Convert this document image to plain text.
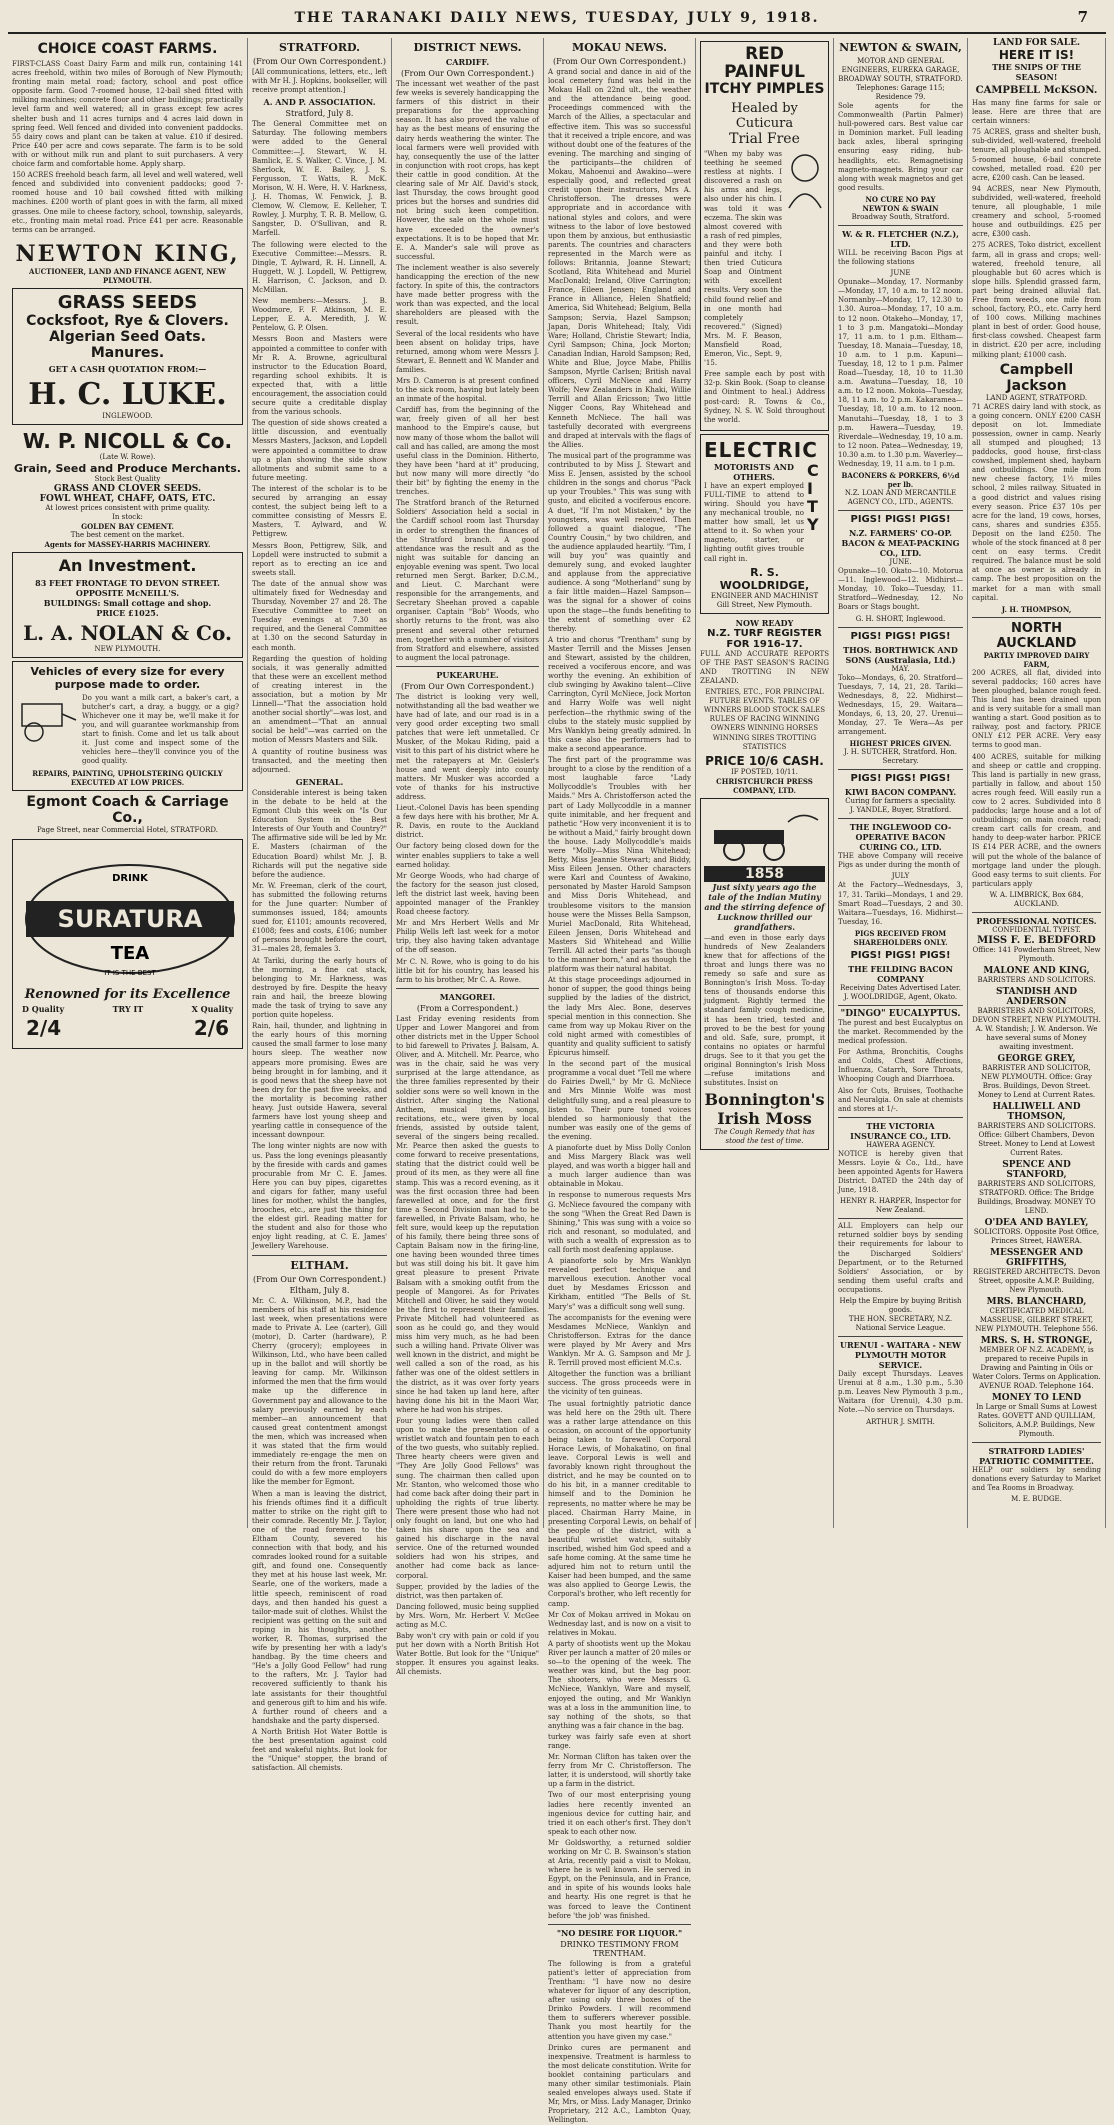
THE TARANAKI DAILY NEWS, TUESDAY, JULY 9, 1918.	7
CHOICE COAST FARMS.

FIRST-CLASS Coast Dairy Farm and milk run, containing 141 acres freehold, within two miles of Borough of New Plymouth; fronting main metal road; factory, school and post office opposite farm. Good 7-roomed house, 12-bail shed fitted with milking machines; concrete floor and other buildings; practically level farm and well watered; all in grass except few acres shelter bush and 11 acres turnips and 4 acres laid down in spring feed. Well fenced and divided into convenient paddocks. 55 dairy cows and plant can be taken at value. £10 if desired. Price £40 per acre and cows separate. The farm is to be sold with or without milk run and plant to suit purchasers. A very choice farm and comfortable home. Apply sharp.

150 ACRES freehold beach farm, all level and well watered, well fenced and subdivided into convenient paddocks; good 7-roomed house and 10 bail cowshed fitted with milking machines. £200 worth of plant goes in with the farm, all mixed grasses. One mile to cheese factory, school, township, saleyards, etc., fronting main metal road. Price £41 per acre. Reasonable terms can be arranged.

NEWTON KING,
AUCTIONEER, LAND AND FINANCE AGENT, NEW PLYMOUTH.
GRASS SEEDS
Cocksfoot, Rye & Clovers.
Algerian Seed Oats.
Manures.
GET A CASH QUOTATION FROM:—
H. C. LUKE.
INGLEWOOD.
W. P. NICOLL & Co.
(Late W. Rowe).
Grain, Seed and Produce Merchants.
Stock Best Quality
GRASS AND CLOVER SEEDS.
FOWL WHEAT, CHAFF, OATS, ETC.
At lowest prices consistent with prime quality.
In stock:
GOLDEN BAY CEMENT.
The best cement on the market.
Agents for MASSEY-HARRIS MACHINERY.
An Investment.
83 FEET FRONTAGE TO DEVON STREET.
OPPOSITE McNEILL'S.
BUILDINGS: Small cottage and shop.
PRICE £1025.
L. A. NOLAN & Co.
NEW PLYMOUTH.
Vehicles of every size for every
purpose made to order.

Do you want a milk cart, a baker's cart, a butcher's cart, a dray, a buggy, or a gig? Whichever one it may be, we'll make it for you, and will guarantee workmanship from start to finish. Come and let us talk about it. Just come and inspect some of the vehicles here—they'll convince you of the good quality.

REPAIRS, PAINTING, UPHOLSTERING QUICKLY EXECUTED AT LOW PRICES.
Egmont Coach & Carriage Co.,
Page Street, near Commercial Hotel, STRATFORD.
DRINK
SURATURA
TEA
IT IS THE BEST
Renowned for its Excellence
D Quality	TRY IT	X Quality
2/4	2/6
STRATFORD.
(From Our Own Correspondent.)

[All communications, letters, etc., left with Mr H. J. Hopkins, bookseller, will receive prompt attention.]

A. AND P. ASSOCIATION.
Stratford, July 8.

The General Committee met on Saturday. The following members were added to the General Committee:—J. Stewart, W. H. Bamlick, E. S. Walker, C. Vince, J. M. Sherlock, W. E. Bailey, J. S. Fergusson, T. Watts, R. McK. Morison, W. H. Were, H. V. Harkness, J. H. Thomas, W. Fenwick, J. B. Clemow, W. Clemow, E. Kelleher, T. Rowley, J. Murphy, T. R. B. Mellow, G. Sangster, D. O'Sullivan, and R. Marfell.

The following were elected to the Executive Committee:—Messrs. R. Dingle, T. Aylward, R. H. Linnell, A. Huggett, W. J. Lopdell, W. Pettigrew, H. Harrison, C. Jackson, and D. McMillan.

New members:—Messrs. J. B. Woodmore, F. F. Atkinson, M. E. Lepper, E. A. Meredith, J. W. Pentelow, G. P. Olsen.

Messrs Boon and Masters were appointed a committee to confer with Mr R. A. Browne, agricultural instructor to the Education Board, regarding school exhibits. It is expected that, with a little encouragement, the association could secure quite a creditable display from the various schools.

The question of side shows created a little discussion, and eventually Messrs Masters, Jackson, and Lopdell were appointed a committee to draw up a plan showing the side show allotments and submit same to a future meeting.

The interest of the scholar is to be secured by arranging an essay contest, the subject being left to a committee consisting of Messrs E. Masters, T. Aylward, and W. Pettigrew.

Messrs Boon, Pettigrew, Silk, and Lopdell were instructed to submit a report as to erecting an ice and sweets stall.

The date of the annual show was ultimately fixed for Wednesday and Thursday, November 27 and 28. The Executive Committee to meet on Tuesday evenings at 7.30 as required, and the General Committee at 1.30 on the second Saturday in each month.

Regarding the question of holding socials, it was generally admitted that these were an excellent method of creating interest in the association, but a motion by Mr Linnell—"That the association hold another social shortly"—was lost, and an amendment—"That an annual social be held"—was carried on the motion of Messrs Masters and Silk.

A quantity of routine business was transacted, and the meeting then adjourned.

GENERAL.

Considerable interest is being taken in the debate to be held at the Egmont Club this week on "Is Our Education System in the Best Interests of Our Youth and Country?" The affirmative side will be led by Mr. E. Masters (chairman of the Education Board) whilst Mr. J. B. Richards will put the negative side before the audience.

Mr. W. Freeman, clerk of the court, has submitted the following returns for the June quarter: Number of summonses issued, 184; amounts sued for, £1101; amounts recovered, £1008; fees and costs, £106; number of persons brought before the court, 31—males 28, females 3.

At Tariki, during the early hours of the morning, a fine cat stack, belonging to Mr. Harkness, was destroyed by fire. Despite the heavy rain and hail, the breeze blowing made the task of trying to save any portion quite hopeless.

Rain, hail, thunder, and lightning in the early hours of this morning caused the small farmer to lose many hours sleep. The weather now appears more promising. Ewes are being brought in for lambing, and it is good news that the sheep have not been dry for the past five weeks, and the mortality is becoming rather heavy. Just outside Hawera, several farmers have lost young sheep and yearling cattle in consequence of the incessant downpour.

The long winter nights are now with us. Pass the long evenings pleasantly by the fireside with cards and games procurable from Mr C. E. James. Here you can buy pipes, cigarettes and cigars for father, many useful lines for mother, whilst the bangles, brooches, etc., are just the thing for the eldest girl. Reading matter for the student and also for those who enjoy light reading, at C. E. James' Jewellery Warehouse.

ELTHAM.
(From Our Own Correspondent.)
Eltham, July 8.

Mr. C. A. Wilkinson, M.P., had the members of his staff at his residence last week, when presentations were made to Private A. Lee (carter), Gill (motor), D. Carter (hardware), P. Cherry (grocery); employees in Wilkinson, Ltd., who have been called up in the ballot and will shortly be leaving for camp. Mr. Wilkinson informed the men that the firm would make up the difference in Government pay and allowance to the salary previously earned by each member—an announcement that caused great contentment amongst the men, which was increased when it was stated that the firm would immediately re-engage the men on their return from the front. Tarunaki could do with a few more employers like the member for Egmont.

When a man is leaving the district, his friends oftimes find it a difficult matter to strike on the right gift to their comrade. Recently Mr. J. Taylor, one of the road foremen to the Eltham County, severed his connection with that body, and his comrades looked round for a suitable gift, and found one. Consequently they met at his house last week, Mr. Searle, one of the workers, made a little speech, reminiscent of road days, and then handed his guest a tailor-made suit of clothes. Whilst the recipient was getting on the suit and roping in his thoughts, another worker, R. Thomas, surprised the wife by presenting her with a lady's handbag. By the time cheers and "He's a Jolly Good Fellow" had rung to the rafters, Mr. J. Taylor had recovered sufficiently to thank his late assistants for their thoughtful and generous gift to him and his wife. A further round of cheers and a handshake and the party dispersed.

A North British Hot Water Bottle is the best presentation against cold feet and wakeful nights. But look for the "Unique" stopper, the brand of satisfaction. All chemists.

DISTRICT NEWS.
CARDIFF.
(From Our Own Correspondent.)

The incessant wet weather of the past few weeks is severely handicapping the farmers of this district in their preparations for the approaching season. It has also proved the value of hay as the best means of ensuring the dairy herds weathering the winter. The local farmers were well provided with hay, consequently the use of the latter in conjunction with root crops, has kept their cattle in good condition. At the clearing sale of Mr Alf. David's stock, last Thursday, the cows brought good prices but the horses and sundries did not bring such keen competition. However, the sale on the whole must have exceeded the owner's expectations. It is to be hoped that Mr. E. A. Mander's sale will prove as successful.

The inclement weather is also severely handicapping the erection of the new factory. In spite of this, the contractors have made better progress with the work than was expected, and the local shareholders are pleased with the result.

Several of the local residents who have been absent on holiday trips, have returned, among whom were Messrs J. Stewart, E. Bennett and W. Mander and families.

Mrs D. Cameron is at present confined to the sick room, having but lately been an inmate of the hospital.

Cardiff has, from the beginning of the war, freely given of all her best manhood to the Empire's cause, but now many of those whom the ballot will call and has called, are among the most useful class in the Dominion. Hitherto, they have been "hard at it" producing, but now many will more directly "do their bit" by fighting the enemy in the trenches.

The Stratford branch of the Returned Soldiers' Association held a social in the Cardiff school room last Thursday in order to strengthen the finances of the Stratford branch. A good attendance was the result and as the night was suitable for dancing an enjoyable evening was spent. Two local returned men Sergt. Barker, D.C.M., and Lieut. C. Marchant were responsible for the arrangements, and Secretary Sheehan proved a capable organiser. Captain "Bob" Woods, who shortly returns to the front, was also present and several other returned men, together with a number of visitors from Stratford and elsewhere, assisted to augment the local patronage.

PUKEARUHE.
(From Our Own Correspondent.)

The district is looking very well, notwithstanding all the bad weather we have had of late, and our road is in a very good order excepting two small patches that were left unmetalled. Cr Musker, of the Mokau Riding, paid a visit to this part of his district where he met the ratepayers at Mr. Geisler's house and went deeply into county matters. Mr Musker was accorded a vote of thanks for his instructive address.

Lieut.-Colonel Davis has been spending a few days here with his brother, Mr A. R. Davis, en route to the Auckland district.

Our factory being closed down for the winter enables suppliers to take a well earned holiday.

Mr George Woods, who had charge of the factory for the season just closed, left the district last week, having been appointed manager of the Frankley Road cheese factory.

Mr and Mrs Herbert Wells and Mr Philip Wells left last week for a motor trip, they also having taken advantage of the off season.

Mr C. N. Rowe, who is going to do his little bit for his country, has leased his farm to his brother, Mr C. A. Rowe.

MANGOREI.
(From a Correspondent.)

Last Friday evening residents from Upper and Lower Mangorei and from other districts met in the Upper School to bid farewell to Privates J. Balsam, A. Oliver, and A. Mitchell. Mr. Pearce, who was in the chair, said he was very surprised at the large attendance, as the three families represented by their soldier sons were so well known in the district. After singing the National Anthem, musical items, songs, recitations, etc., were given by local friends, assisted by outside talent, several of the singers being recalled. Mr. Pearce then asked the guests to come forward to receive presentations, stating that the district could well be proud of its men, as they were all fine stamp. This was a record evening, as it was the first occasion three had been farewelled at once, and for the first time a Second Division man had to be farewelled, in Private Balsam, who, he felt sure, would keep up the reputation of his family, there being three sons of Captain Balsam now in the firing-line, one having been wounded three times but was still doing his bit. It gave him great pleasure to present Private Balsam with a smoking outfit from the people of Mangorei. As for Privates Mitchell and Oliver, he said they would be the first to represent their families. Private Mitchell had volunteered as soon as he could go, and they would miss him very much, as he had been such a willing hand. Private Oliver was well known in the district, and might be well called a son of the road, as his father was one of the oldest settlers in the district, as it was over forty years since he had taken up land here, after having done his bit in the Maori War, where he had won his stripes.

Four young ladies were then called upon to make the presentation of a wristlet watch and fountain pen to each of the two guests, who suitably replied. Three hearty cheers were given and "They Are Jolly Good Fellows" was sung. The chairman then called upon Mr. Stanton, who welcomed those who had come back after doing their part in upholding the rights of true liberty. There were present those who had not only fought on land, but one who had taken his share upon the sea and gained his discharge in the naval service. One of the returned wounded soldiers had won his stripes, and another had come back as lance-corporal.

Supper, provided by the ladies of the district, was then partaken of.

Dancing followed, music being supplied by Mrs. Worn, Mr. Herbert V. McGee acting as M.C.

Baby won't cry with pain or cold if you put her down with a North British Hot Water Bottle. But look for the "Unique" stopper. It ensures you against leaks. All chemists.

MOKAU NEWS.
(From Our Own Correspondent.)

A grand social and dance in aid of the local cemetery fund was held in the Mokau Hall on 22nd ult., the weather and the attendance being good. Proceedings commenced with the March of the Allies, a spectacular and effective item. This was so successful that it received a triple encore, and was without doubt one of the features of the evening. The marching and singing of the participants—the children of Mokau, Mahoenui and Awakino—were especially good, and reflected great credit upon their instructors, Mrs A. Christofferson. The dresses were appropriate and in accordance with national styles and colors, and were witness to the labor of love bestowed upon them by anxious, but enthusiastic parents. The countries and characters represented in the March were as follows: Britannia, Joanne Stewart; Scotland, Rita Whitehead and Muriel MacDonald; Ireland, Olive Carrington; France, Eileen Jensen; England and France in Alliance, Helen Shatfield; America, Sid Whitehead; Belgium, Bella Sampson; Servia, Hazel Sampson; Japan, Doris Whitehead; Italy, Vidi Ware; Holland, Christie Stewart; India, Cyril Sampson; China, Jock Morton; Canadian Indian, Harold Sampson; Red, White and Blue, Joyce Mabe, Phillis Sampson, Myrtle Carlsen; British naval officers, Cyril McNiece and Harry Wolfe; New Zealanders in Khaki, Willie Terrill and Allan Ericsson; Two little Nigger Coons, Ray Whitehead and Kenneth McNiece. The hall was tastefully decorated with evergreens and draped at intervals with the flags of the Allies.

The musical part of the programme was contributed to by Miss J. Stewart and Miss E. Jensen, assisted by the school children in the songs and chorus "Pack up your Troubles." This was sung with gusto, and elicited a vociferous encore. A duet, "If I'm not Mistaken," by the youngsters, was well received. Then followed a quaint dialogue, "The Country Cousin," by two children, and the audience applauded heartily. "Tim, I will buy you" was quaintly and demurely sung, and evoked laughter and applause from the appreciative audience. A song "Motherland" sung by a fair little maiden—Hazel Sampson—was the signal for a shower of coins upon the stage—the funds benefiting to the extent of something over £2 thereby.

A trio and chorus "Trentham" sung by Master Terrill and the Misses Jensen and Stewart, assisted by the children, received a vociferous encore, and was worthy the evening. An exhibition of club swinging by Awakino talent—Clive Carrington, Cyril McNiece, Jock Morton and Harry Wolfe was well night perfection—the rhythmic swing of the clubs to the stately music supplied by Mrs Wanklyn being greatly admired. In this case also the performers had to make a second appearance.

The first part of the programme was brought to a close by the rendition of a most laughable farce "Lady Mollycoddle's Troubles with her Maids." Mrs A. Christofferson acted the part of Lady Mollycoddle in a manner quite inimitable, and her frequent and pathetic "How very inconvenient it is to be without a Maid," fairly brought down the house. Lady Mollycoddle's maids were "Molly—Miss Nina Whitehead; Betty, Miss Jeannie Stewart; and Biddy, Miss Eileen Jensen. Other characters were Karl and Countess of Awakino, personated by Master Harold Sampson and Miss Doris Whitehead, and troublesome visitors to the mansion house were the Misses Bella Sampson, Muriel MacDonald, Rita Whitehead, Eileen Jensen, Doris Whitehead and Masters Sid Whitehead and Willie Terrill. All acted their parts "as though to the manner born," and as though the platform was their natural habitat.

At this stage proceedings adjourned in honor of supper, the good things being supplied by the ladies of the district, the lady Mrs Alec. Bone, deserves special mention in this connection. She came from way up Mokau River on the cold night armed with comestibles of quantity and quality sufficient to satisfy Epicurus himself.

In the second part of the musical programme a vocal duet "Tell me where do Fairies Dwell," by Mr G. McNiece and Mrs Minnie Wolfe was most delightfully sung, and a real pleasure to listen to. Their pure toned voices blended so harmoniously that the number was easily one of the gems of the evening.

A pianoforte duet by Miss Dolly Conlon and Miss Margery Black was well played, and was worth a bigger hall and a much larger audience than was obtainable in Mokau.

In response to numerous requests Mrs G. McNiece favoured the company with the song "When the Great Red Dawn is Shining," This was sung with a voice so rich and resonant, so modulated, and with such a wealth of expression as to call forth most deafening applause.

A pianoforte solo by Mrs Wanklyn revealed perfect technique and marvellous execution. Another vocal duet by Mesdames Ericsson and Kirkham, entitled "The Bells of St. Mary's" was a difficult song well sung.

The accompanists for the evening were Mesdames McNiece, Wanklyn and Christofferson. Extras for the dance were played by Mr Avery and Mrs Wanklyn. Mr A. G. Sampson and Mr J. R. Terrill proved most efficient M.C.s.

Altogether the function was a brilliant success. The gross proceeds were in the vicinity of ten guineas.

The usual fortnightly patriotic dance was held here on the 29th ult. There was a rather large attendance on this occasion, on account of the opportunity being taken to farewell Corporal Horace Lewis, of Mohakatino, on final leave. Corporal Lewis is well and favorably known right throughout the district, and he may be counted on to do his bit, in a manner creditable to himself and to the Dominion he represents, no matter where he may be placed. Chairman Harry Maine, in presenting Corporal Lewis, on behalf of the people of the district, with a beautiful wristlet watch, suitably inscribed, wished him God speed and a safe home coming. At the same time he adjured him not to return until the Kaiser had been bumped, and the same was also applied to George Lewis, the Corporal's brother, who left recently for camp.

Mr Cox of Mokau arrived in Mokau on Wednesday last, and is now on a visit to relatives in Mokau.

A party of shootists went up the Mokau River per launch a matter of 20 miles or so—to the opening of the week. The weather was kind, but the bag poor. The shooters, who were Messrs G. McNiece, Wanklyn, Ware and myself, enjoyed the outing, and Mr Wanklyn was at a loss in the ammunition line, to say nothing of the shots, so that anything was a fair chance in the bag.

turkey was fairly safe even at short range.

Mr. Norman Clifton has taken over the ferry from Mr C. Christofferson. The latter, it is understood, will shortly take up a farm in the district.

Two of our most enterprising young ladies here recently invented an ingenious device for cutting hair, and tried it on each other's first. They don't speak to each other now.

Mr Goldsworthy, a returned soldier working on Mr C. B. Swainson's station at Aria, recently paid a visit to Mokau, where he is well known. He served in Egypt, on the Peninsula, and in France, and in spite of his wounds looks hale and hearty. His one regret is that he was forced to leave the Continent before 'the job' was finished.

"NO DESIRE FOR LIQUOR."
DRINKO TESTIMONY FROM TRENTHAM.

The following is from a grateful patient's letter of appreciation from Trentham: "I have now no desire whatever for liquor of any description, after using only three boxes of the Drinko Powders. I will recommend them to sufferers wherever possible. Thank you most heartily for the attention you have given my case."

Drinko cures are permanent and inexpensive. Treatment is harmless to the most delicate constitution. Write for booklet containing particulars and many other similar testimonials. Plain sealed envelopes always used. State if Mr, Mrs, or Miss. Lady Manager, Drinko Proprietary, 212 A.C., Lambton Quay, Wellington.

RED PAINFUL
ITCHY PIMPLES
Healed by Cuticura
Trial Free

"When my baby was teething he seemed restless at nights. I discovered a rash on his arms and legs, also under his chin. I was told it was eczema. The skin was almost covered with a rash of red pimples, and they were both painful and itchy. I then tried Cuticura Soap and Ointment with excellent results. Very soon the child found relief and in one month had completely recovered." (Signed) Mrs. M. F. Beason, Mansfield Road, Emeron, Vic., Sept. 9, '15.

Free sample each by post with 32-p. Skin Book. (Soap to cleanse and Ointment to heal.) Address post-card: R. Towns & Co., Sydney, N. S. W. Sold throughout the world.

ELECTRIC
MOTORISTS AND OTHERS.

I have an expert employed FULL-TIME to attend to wiring. Should you have any mechanical trouble, no matter how small, let us attend to it. So when your magneto, starter, or lighting outfit gives trouble call right in.

CITY
R. S. WOOLDRIDGE,
ENGINEER AND MACHINIST
Gill Street, New Plymouth.
NOW READY
N.Z. TURF REGISTER FOR 1916-17.

FULL AND ACCURATE REPORTS OF THE PAST SEASON'S RACING AND TROTTING IN NEW ZEALAND.

ENTRIES, ETC., FOR PRINCIPAL FUTURE EVENTS. TABLES OF WINNERS BLOOD STOCK SALES RULES OF RACING WINNING OWNERS WINNING HORSES WINNING SIRES TROTTING STATISTICS

PRICE 10/6 CASH.
IF POSTED, 10/11.
CHRISTCHURCH PRESS COMPANY, LTD.
1858

Just sixty years ago the tale of the Indian Mutiny and the stirring defence of Lucknow thrilled our grandfathers.

—and even in those early days hundreds of New Zealanders knew that for affections of the throat and lungs there was no remedy so safe and sure as Bonnington's Irish Moss. To-day tens of thousands endorse this judgment. Rightly termed the standard family cough medicine, it has been tried, tested and proved to be the best for young and old. Safe, sure, prompt, it contains no opiates or harmful drugs. See to it that you get the original Bonnington's Irish Moss—refuse imitations and substitutes. Insist on

Bonnington's Irish Moss
The Cough Remedy that has stood the test of time.
NEWTON & SWAIN,
MOTOR AND GENERAL ENGINEERS, EUREKA GARAGE, BROADWAY SOUTH, STRATFORD.
Telephones: Garage 115; Residence 79.

Sole agents for the Commonwealth (Partin Palmer) hull-powered cars. Best value car in Dominion market. Full leading back axles, liberal springing ensuring easy riding, hub-headlights, etc. Remagnetising magneto-magnets. Bring your car along with weak magnetos and get good results.

NO CURE NO PAY
NEWTON & SWAIN
Broadway South, Stratford.
W. & R. FLETCHER (N.Z.), LTD.

WILL be receiving Bacon Pigs at the following stations

JUNE

Opunake—Monday, 17. Normanby—Monday, 17, 10 a.m. to 12 noon. Normanby—Monday, 17, 12.30 to 1.30. Auroa—Monday, 17, 10 a.m. to 12 noon. Otakeho—Monday, 17, 1 to 3 p.m. Mangatoki—Monday 17, 11 a.m. to 1 p.m. Eltham—Tuesday, 18. Manaia—Tuesday, 18, 10 a.m. to 1 p.m. Kapuni—Tuesday, 18, 12 to 1 p.m. Palmer Road—Tuesday, 18, 10 to 11.30 a.m. Awatuna—Tuesday, 18, 10 a.m. to 12 noon. Mokoia—Tuesday, 18, 11 a.m. to 2 p.m. Kakaramea—Tuesday, 18, 10 a.m. to 12 noon. Manutahi—Tuesday, 18, 1 to 3 p.m. Hawera—Tuesday, 19. Riverdale—Wednesday, 19, 10 a.m. to 12 noon. Patea—Wednesday, 19, 10.30 a.m. to 1.30 p.m. Waverley—Wednesday, 19, 11 a.m. to 1 p.m.

BACONERS & PORKERS, 6½d per lb.
N.Z. LOAN AND MERCANTILE AGENCY CO., LTD., AGENTS.
PIGS! PIGS! PIGS!
N.Z. FARMERS' CO-OP. BACON & MEAT-PACKING CO., LTD.
JUNE.

Opunake—10. Okato—10. Motorua—11. Inglewood—12. Midhirst—Monday, 10. Toko—Tuesday, 11. Stratford—Wednesday, 12. No Boars or Stags bought.

G. H. SHORT, Inglewood.
PIGS! PIGS! PIGS!
THOS. BORTHWICK AND SONS (Australasia, Ltd.)
MAY.

Toko—Mondays, 6, 20. Stratford—Tuesdays, 7, 14, 21, 28. Tariki—Wednesdays, 8, 22. Midhirst—Wednesdays, 15, 29. Waitara—Mondays, 6, 13, 20, 27. Urenui—Monday, 27. Te Wera—As per arrangement.

HIGHEST PRICES GIVEN.
J. H. SUTCHER, Stratford. Hon. Secretary.
PIGS! PIGS! PIGS!
KIWI BACON COMPANY.
Curing for farmers a speciality.
J. YANDLE, Buyer, Stratford.
THE INGLEWOOD CO-OPERATIVE BACON CURING CO., LTD.

THE above Company will receive Pigs as under during the month of

JULY

At the Factory—Wednesdays, 3, 17, 31. Tariki—Mondays, 1 and 29. Smart Road—Tuesdays, 2 and 30. Waitara—Tuesdays, 16. Midhirst—Tuesday, 16.

PIGS RECEIVED FROM SHAREHOLDERS ONLY.
PIGS! PIGS! PIGS!
THE FEILDING BACON COMPANY
Receiving Dates Advertised Later.
J. WOOLDRIDGE, Agent, Okato.
"DINGO" EUCALYPTUS.

The purest and best Eucalyptus on the market. Recommended by the medical profession.

For Asthma, Bronchitis, Coughs and Colds, Chest Affections, Influenza, Catarrh, Sore Throats, Whooping Cough and Diarrhoea.

Also for Cuts, Bruises, Toothache and Neuralgia. On sale at chemists and stores at 1/-.

THE VICTORIA INSURANCE CO., LTD.
HAWERA AGENCY.

NOTICE is hereby given that Messrs. Loyie & Co., Ltd., have been appointed Agents for Hawera District. DATED the 24th day of June, 1918.

HENRY R. HARPER, Inspector for New Zealand.

ALL Employers can help our returned soldier boys by sending their requirements for labour to the Discharged Soldiers' Department, or to the Returned Soldiers' Association, or by sending them useful crafts and occupations.

Help the Empire by buying British goods.
THE HON. SECRETARY, N.Z. National Service League.
URENUI - WAITARA - NEW PLYMOUTH MOTOR SERVICE.

Daily except Thursdays. Leaves Urenui at 8 a.m., 1.30 p.m., 5.30 p.m. Leaves New Plymouth 3 p.m., Waitara (for Urenui), 4.30 p.m. Note.—No service on Thursdays.

ARTHUR J. SMITH.
LAND FOR SALE.
HERE IT IS!
THE SNIPS OF THE SEASON!
CAMPBELL McKSON.

Has many fine farms for sale or lease. Here are three that are certain winners:

75 ACRES, grass and shelter bush, sub-divided, well-watered, freehold tenure, all ploughable and stumped. 5-roomed house, 6-bail concrete cowshed, metalled road. £20 per acre, £200 cash. Can be leased.

94 ACRES, near New Plymouth, subdivided, well-watered, freehold tenure, all ploughable, 1 mile creamery and school, 5-roomed house and outbuildings. £25 per acre, £300 cash.

275 ACRES, Toko district, excellent farm, all in grass and crops; well-watered, freehold tenure, all ploughable but 60 acres which is slope hills. Splendid grassed farm, part being drained alluvial flat. Free from weeds, one mile from school, factory, P.O., etc. Carry herd of 100 cows. Milking machines plant in best of order. Good house, first-class cowshed. Cheapest farm in district. £20 per acre, including milking plant; £1000 cash.

Campbell Jackson
LAND AGENT, STRATFORD.

71 ACRES dairy land with stock, as a going concern. ONLY £200 CASH deposit on lot. Immediate possession, owner in camp. Nearly all stumped and ploughed; 13 paddocks, good house, first-class cowshed, implement shed, haybarn and outbuildings. One mile from new cheese factory, 1½ miles school, 2 miles railway. Situated in a good district and values rising every season. Price £37 10s per acre for the land, 19 cows, horses, cans, shares and sundries £355. Deposit on the land £250. The whole of the stock financed at 8 per cent on easy terms. Credit required. The balance must be sold at once as owner is already in camp. The best proposition on the market for a man with small capital.

J. H. THOMPSON,
NORTH AUCKLAND
PARTLY IMPROVED DAIRY FARM,

200 ACRES, all flat, divided into several paddocks; 160 acres have been ploughed, balance rough feed. This land has been drained upon and is very suitable for a small man wanting a start. Good position as to railway, post and factory. PRICE ONLY £12 PER ACRE. Very easy terms to good man.

400 ACRES, suitable for milking and sheep or cattle and cropping. This land is partially in new grass, partially in fallow, and about 150 acres rough feed. Will easily run a cow to 2 acres. Subdivided into 8 paddocks; large house and a lot of outbuildings; on main coach road; cream cart calls for cream, and handy to deep-water harbor. PRICE IS £14 PER ACRE, and the owners will put the whole of the balance of mortgage land under the plough. Good easy terms to suit clients. For particulars apply

W. A. LIMBRICK, Box 684, AUCKLAND.
PROFESSIONAL NOTICES.
CONFIDENTIAL TYPIST.
MISS F. E. BEDFORD
Office: 141 Powderham Street, New Plymouth.
MALONE AND KING,
BARRISTERS AND SOLICITORS.
STANDISH AND ANDERSON
BARRISTERS AND SOLICITORS, DEVON STREET, NEW PLYMOUTH. A. W. Standish; J. W. Anderson. We have several sums of Money awaiting investment.
GEORGE GREY,
BARRISTER AND SOLICITOR, NEW PLYMOUTH. Office: Gray Bros. Buildings, Devon Street. Money to Lend at Current Rates.
HALLIWELL AND THOMSON,
BARRISTERS AND SOLICITORS. Office: Gilbert Chambers, Devon Street. Money to Lend at Lowest Current Rates.
SPENCE AND STANFORD,
BARRISTERS AND SOLICITORS, STRATFORD. Office: The Bridge Buildings, Broadway. MONEY TO LEND.
O'DEA AND BAYLEY,
SOLICITORS. Opposite Post Office, Princes Street, HAWERA.
MESSENGER AND GRIFFITHS,
REGISTERED ARCHITECTS. Devon Street, opposite A.M.P. Building, New Plymouth.
MRS. BLANCHARD,
CERTIFICATED MEDICAL MASSEUSE, GILBERT STREET, NEW PLYMOUTH. Telephone 556.
MRS. S. H. STRONGE,
MEMBER OF N.Z. ACADEMY, is prepared to receive Pupils in Drawing and Painting in Oils or Water Colors. Terms on Application. AVENUE ROAD. Telephone 164.
MONEY TO LEND
In Large or Small Sums at Lowest Rates. GOVETT AND QUILLIAM, Solicitors, A.M.P. Buildings, New Plymouth.
STRATFORD LADIES' PATRIOTIC COMMITTEE.

HELP our soldiers by sending donations every Saturday to Market and Tea Rooms in Broadway.

M. E. BUDGE.
